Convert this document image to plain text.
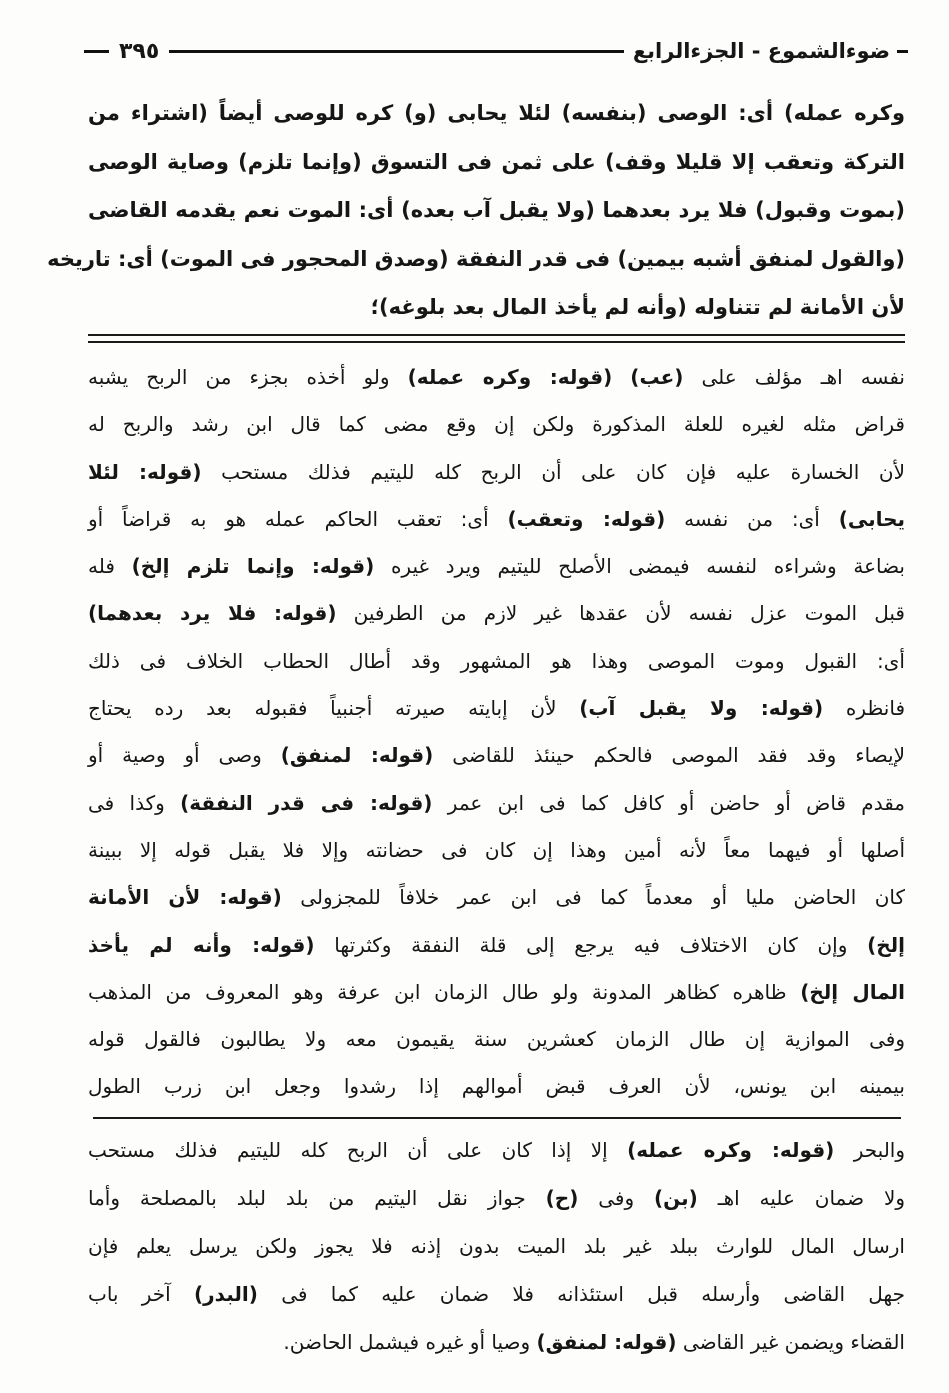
ضوءالشموع - الجزءالرابع
٣٩٥
وكره عمله) أى: الوصى (بنفسه) لئلا يحابى (و) كره للوصى أيضاً (اشتراء من
التركة وتعقب إلا قليلا وقف) على ثمن فى التسوق (وإنما تلزم) وصاية الوصى
(بموت وقبول) فلا يرد بعدهما (ولا يقبل آب بعده) أى: الموت نعم يقدمه القاضى
(والقول لمنفق أشبه بيمين) فى قدر النفقة (وصدق المحجور فى الموت) أى: تاريخه
لأن الأمانة لم تتناوله (وأنه لم يأخذ المال بعد بلوغه)؛
نفسه اهـ مؤلف على (عب) (قوله: وكره عمله) ولو أخذه بجزء من الربح يشبه
قراض مثله لغيره للعلة المذكورة ولكن إن وقع مضى كما قال ابن رشد والربح له
لأن الخسارة عليه فإن كان على أن الربح كله لليتيم فذلك مستحب (قوله: لئلا
يحابى) أى: من نفسه (قوله: وتعقب) أى: تعقب الحاكم عمله هو به قراضاً أو
بضاعة وشراءه لنفسه فيمضى الأصلح لليتيم ويرد غيره (قوله: وإنما تلزم إلخ) فله
قبل الموت عزل نفسه لأن عقدها غير لازم من الطرفين (قوله: فلا يرد بعدهما)
أى: القبول وموت الموصى وهذا هو المشهور وقد أطال الحطاب الخلاف فى ذلك
فانظره (قوله: ولا يقبل آب) لأن إبايته صيرته أجنبياً فقبوله بعد رده يحتاج
لإيصاء وقد فقد الموصى فالحكم حينئذ للقاضى (قوله: لمنفق) وصى أو وصية أو
مقدم قاض أو حاضن أو كافل كما فى ابن عمر (قوله: فى قدر النفقة) وكذا فى
أصلها أو فيهما معاً لأنه أمين وهذا إن كان فى حضانته وإلا فلا يقبل قوله إلا ببينة
كان الحاضن مليا أو معدماً كما فى ابن عمر خلافاً للمجزولى (قوله: لأن الأمانة
إلخ) وإن كان الاختلاف فيه يرجع إلى قلة النفقة وكثرتها (قوله: وأنه لم يأخذ
المال إلخ) ظاهره كظاهر المدونة ولو طال الزمان ابن عرفة وهو المعروف من المذهب
وفى الموازية إن طال الزمان كعشرين سنة يقيمون معه ولا يطالبون فالقول قوله
بيمينه ابن يونس، لأن العرف قبض أموالهم إذا رشدوا وجعل ابن زرب الطول
والبحر (قوله: وكره عمله) إلا إذا كان على أن الربح كله لليتيم فذلك مستحب
ولا ضمان عليه اهـ (بن) وفى (ح) جواز نقل اليتيم من بلد لبلد بالمصلحة وأما
ارسال المال للوارث ببلد غير بلد الميت بدون إذنه فلا يجوز ولكن يرسل يعلم فإن
جهل القاضى وأرسله قبل استئذانه فلا ضمان عليه كما فى (البدر) آخر باب
القضاء ويضمن غير القاضى (قوله: لمنفق) وصيا أو غيره فيشمل الحاضن.
